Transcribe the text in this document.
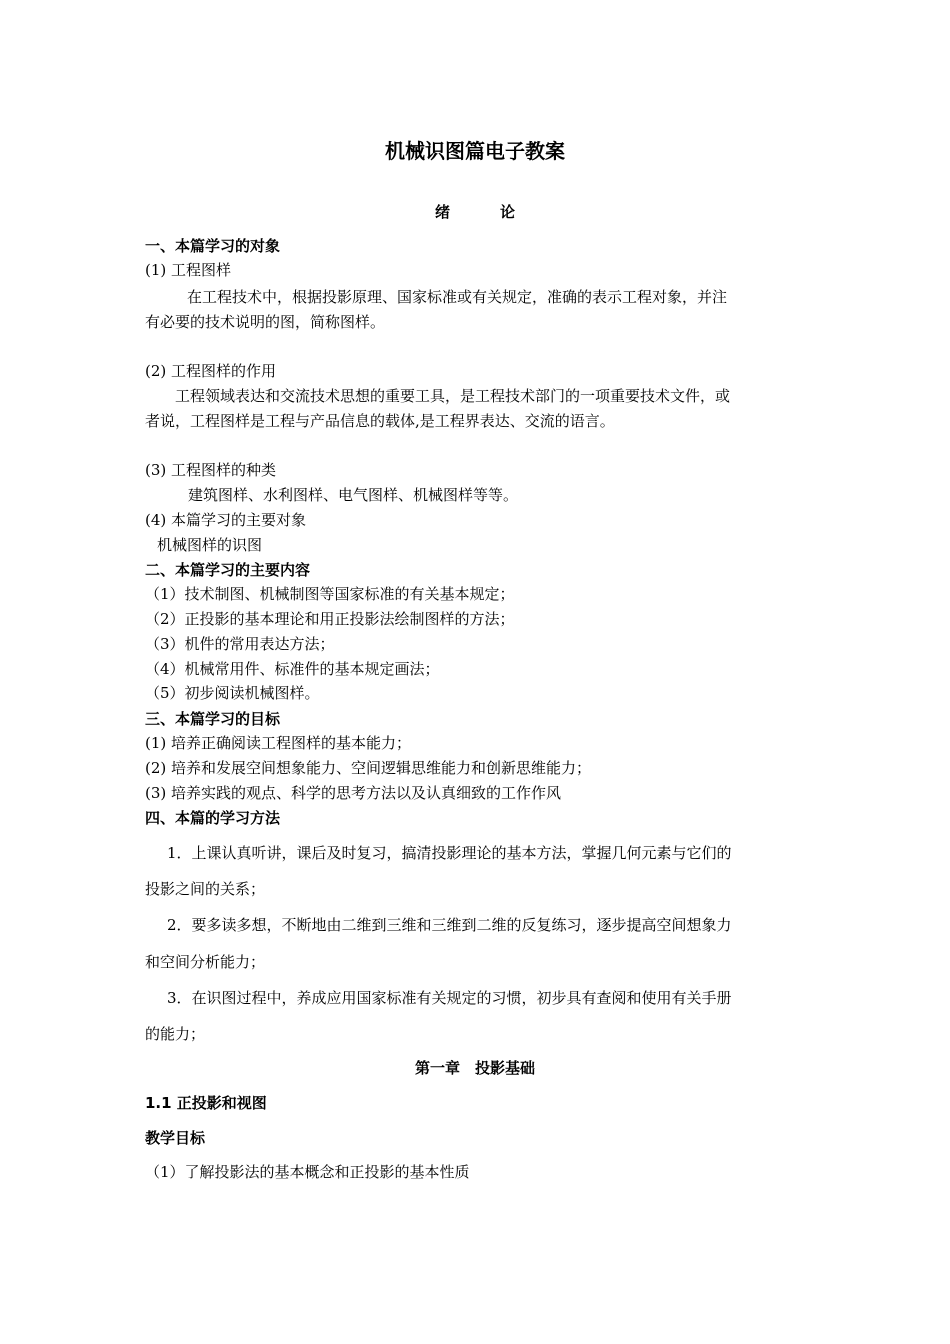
机械识图篇电子教案
绪	论
一、本篇学习的对象
(1) 工程图样
在工程技术中，根据投影原理、国家标准或有关规定，准确的表示工程对象，并注
有必要的技术说明的图，简称图样。
(2) 工程图样的作用
工程领域表达和交流技术思想的重要工具，是工程技术部门的一项重要技术文件，或
者说，工程图样是工程与产品信息的载体,是工程界表达、交流的语言。
(3) 工程图样的种类
建筑图样、水利图样、电气图样、机械图样等等。
(4) 本篇学习的主要对象
机械图样的识图
二、本篇学习的主要内容
（1）技术制图、机械制图等国家标准的有关基本规定；
（2）正投影的基本理论和用正投影法绘制图样的方法；
（3）机件的常用表达方法；
（4）机械常用件、标准件的基本规定画法；
（5）初步阅读机械图样。
三、本篇学习的目标
(1) 培养正确阅读工程图样的基本能力；
(2) 培养和发展空间想象能力、空间逻辑思维能力和创新思维能力；
(3) 培养实践的观点、科学的思考方法以及认真细致的工作作风
四、本篇的学习方法
1．上课认真听讲，课后及时复习，搞清投影理论的基本方法，掌握几何元素与它们的
投影之间的关系；
2．要多读多想，不断地由二维到三维和三维到二维的反复练习，逐步提高空间想象力
和空间分析能力；
3．在识图过程中，养成应用国家标准有关规定的习惯，初步具有查阅和使用有关手册
的能力；
第一章　投影基础
1.1 正投影和视图
教学目标
（1）了解投影法的基本概念和正投影的基本性质
